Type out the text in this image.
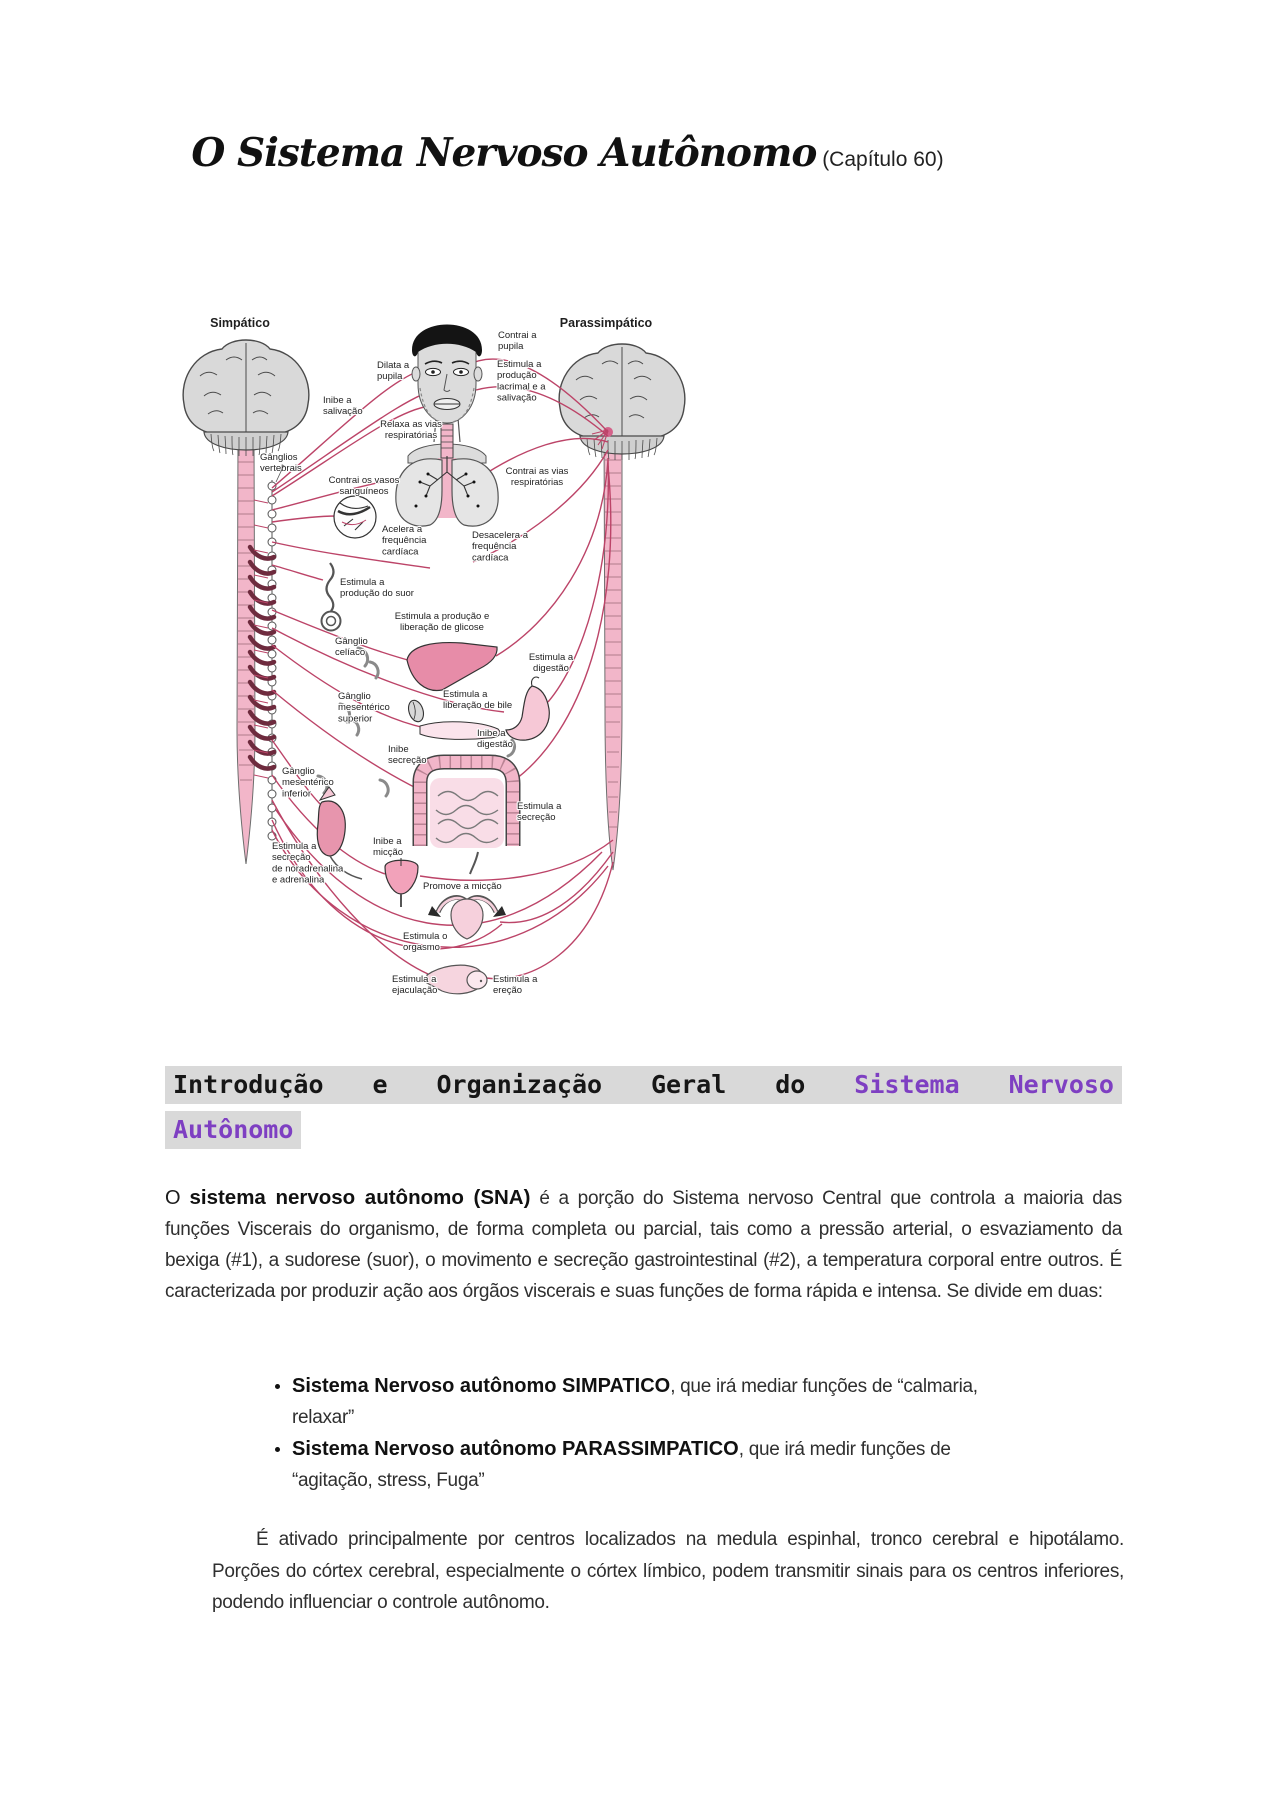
O Sistema Nervoso Autônomo (Capítulo 60)
Simpático	Parassimpático
Contrai a pupila
Estimula a produção lacrimal e a salivação
Dilata a pupila
Inibe a salivação
Relaxa as vias respiratórias
Gânglios vertebrais
Contrai os vasos sanguíneos
Contrai as vias respiratórias
Acelera a frequência cardíaca
Desacelera a frequência cardíaca
Estimula a produção do suor
Estimula a produção e liberação de glicose
Gânglio celíaco	Estimula a digestão
Gânglio mesentérico superior
Estimula a liberação de bile
Inibe a digestão
Inibe secreção
Gânglio mesentérico inferior
Estimula a secreção
Estimula a secreção de noradrenalina e adrenalina
Inibe a micção
Promove a micção
Estimula o orgasmo
Estimula a ejaculação
Estimula a ereção
Introdução e Organização Geral do Sistema Nervoso
Autônomo
O sistema nervoso autônomo (SNA) é a porção do Sistema nervoso Central que controla a maioria das funções Viscerais do organismo, de forma completa ou parcial, tais como a pressão arterial, o esvaziamento da bexiga (#1), a sudorese (suor), o movimento e secreção gastrointestinal (#2), a temperatura corporal entre outros. É caracterizada por produzir ação aos órgãos viscerais e suas funções de forma rápida e intensa. Se divide em duas:
• Sistema Nervoso autônomo SIMPATICO, que irá mediar funções de “calmaria, relaxar”
• Sistema Nervoso autônomo PARASSIMPATICO, que irá medir funções de “agitação, stress, Fuga”
É ativado principalmente por centros localizados na medula espinhal, tronco cerebral e hipotálamo. Porções do córtex cerebral, especialmente o córtex límbico, podem transmitir sinais para os centros inferiores, podendo influenciar o controle autônomo.
